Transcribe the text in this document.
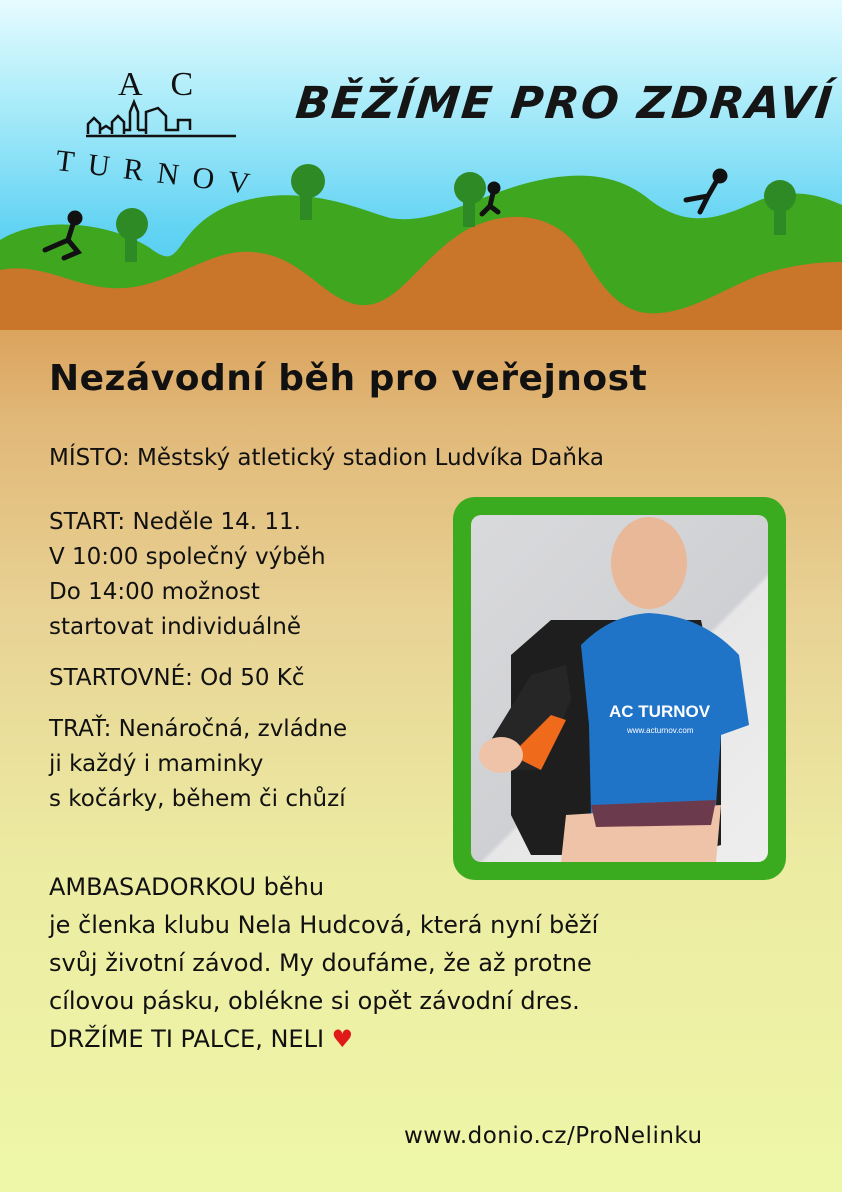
AC
TURNOV
BĚŽÍME PRO ZDRAVÍ
Nezávodní běh pro veřejnost
MÍSTO: Městský atletický stadion Ludvíka Daňka

START: Neděle 14. 11.

V 10:00 společný výběh

Do 14:00 možnost

startovat individuálně

STARTOVNÉ: Od 50 Kč

TRAŤ: Nenáročná, zvládne

ji každý i maminky

s kočárky, během či chůzí

AC TURNOV
www.acturnov.com

AMBASADORKOU běhu

je členka klubu Nela Hudcová, která nyní běží

svůj životní závod. My doufáme, že až protne

cílovou pásku, oblékne si opět závodní dres.

DRŽÍME TI PALCE, NELI ♥

www.donio.cz/ProNelinku
